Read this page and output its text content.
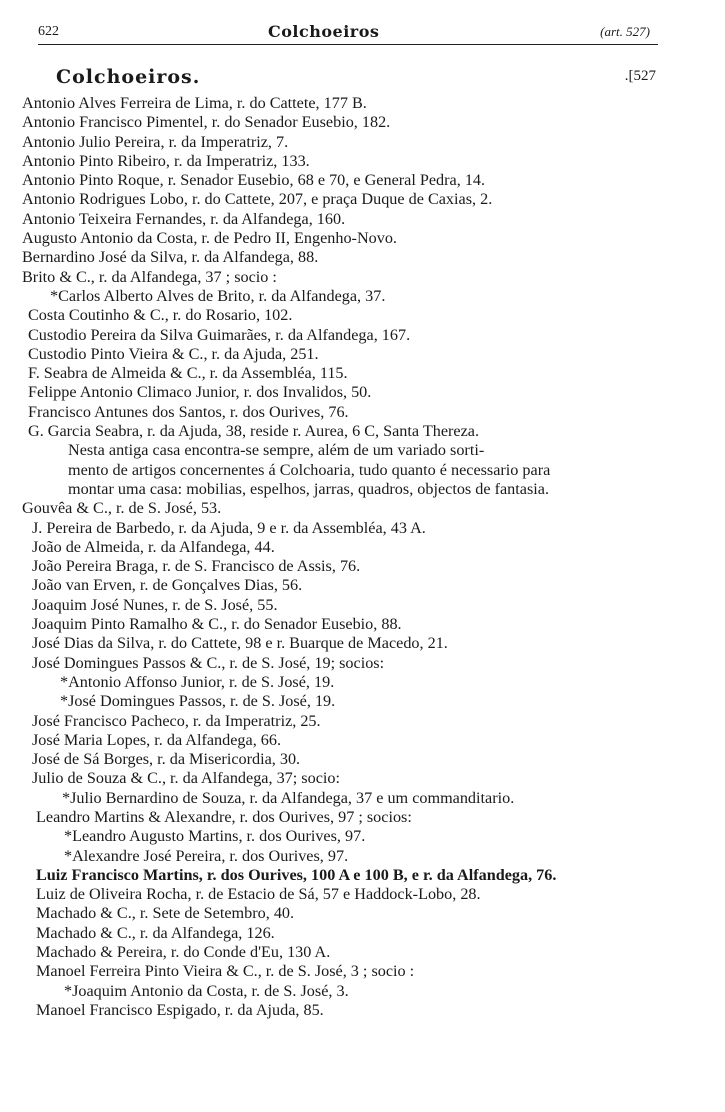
622	Colchoeiros	(art. 527)
Colchoeiros.	.[527
Antonio Alves Ferreira de Lima, r. do Cattete, 177 B.
Antonio Francisco Pimentel, r. do Senador Eusebio, 182.
Antonio Julio Pereira, r. da Imperatriz, 7.
Antonio Pinto Ribeiro, r. da Imperatriz, 133.
Antonio Pinto Roque, r. Senador Eusebio, 68 e 70, e General Pedra, 14.
Antonio Rodrigues Lobo, r. do Cattete, 207, e praça Duque de Caxias, 2.
Antonio Teixeira Fernandes, r. da Alfandega, 160.
Augusto Antonio da Costa, r. de Pedro II, Engenho-Novo.
Bernardino José da Silva, r. da Alfandega, 88.
Brito & C., r. da Alfandega, 37 ; socio :
*Carlos Alberto Alves de Brito, r. da Alfandega, 37.
Costa Coutinho & C., r. do Rosario, 102.
Custodio Pereira da Silva Guimarães, r. da Alfandega, 167.
Custodio Pinto Vieira & C., r. da Ajuda, 251.
F. Seabra de Almeida & C., r. da Assembléa, 115.
Felippe Antonio Climaco Junior, r. dos Invalidos, 50.
Francisco Antunes dos Santos, r. dos Ourives, 76.
G. Garcia Seabra, r. da Ajuda, 38, reside r. Aurea, 6 C, Santa Thereza.
Nesta antiga casa encontra-se sempre, além de um variado sorti-
mento de artigos concernentes á Colchoaria, tudo quanto é necessario para
montar uma casa: mobilias, espelhos, jarras, quadros, objectos de fantasia.
Gouvêa & C., r. de S. José, 53.
J. Pereira de Barbedo, r. da Ajuda, 9 e r. da Assembléa, 43 A.
João de Almeida, r. da Alfandega, 44.
João Pereira Braga, r. de S. Francisco de Assis, 76.
João van Erven, r. de Gonçalves Dias, 56.
Joaquim José Nunes, r. de S. José, 55.
Joaquim Pinto Ramalho & C., r. do Senador Eusebio, 88.
José Dias da Silva, r. do Cattete, 98 e r. Buarque de Macedo, 21.
José Domingues Passos & C., r. de S. José, 19; socios:
*Antonio Affonso Junior, r. de S. José, 19.
*José Domingues Passos, r. de S. José, 19.
José Francisco Pacheco, r. da Imperatriz, 25.
José Maria Lopes, r. da Alfandega, 66.
José de Sá Borges, r. da Misericordia, 30.
Julio de Souza & C., r. da Alfandega, 37; socio:
*Julio Bernardino de Souza, r. da Alfandega, 37 e um commanditario.
Leandro Martins & Alexandre, r. dos Ourives, 97 ; socios:
*Leandro Augusto Martins, r. dos Ourives, 97.
*Alexandre José Pereira, r. dos Ourives, 97.
Luiz Francisco Martins, r. dos Ourives, 100 A e 100 B, e r. da Alfandega, 76.
Luiz de Oliveira Rocha, r. de Estacio de Sá, 57 e Haddock-Lobo, 28.
Machado & C., r. Sete de Setembro, 40.
Machado & C., r. da Alfandega, 126.
Machado & Pereira, r. do Conde d'Eu, 130 A.
Manoel Ferreira Pinto Vieira & C., r. de S. José, 3 ; socio :
*Joaquim Antonio da Costa, r. de S. José, 3.
Manoel Francisco Espigado, r. da Ajuda, 85.
